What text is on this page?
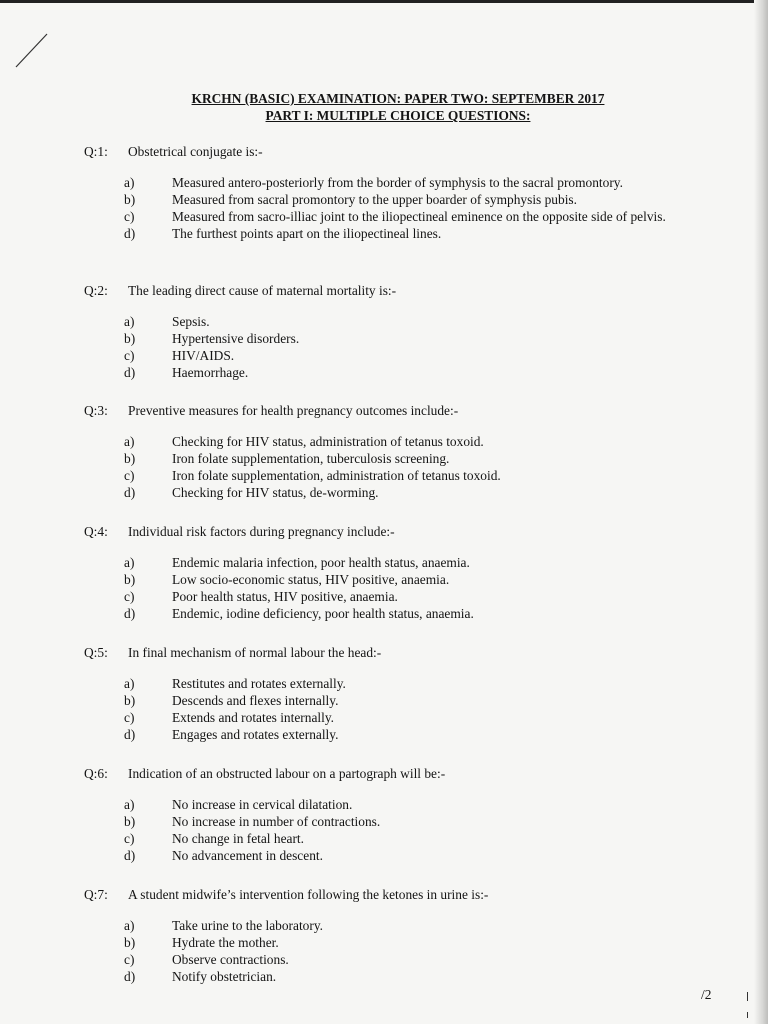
KRCHN (BASIC) EXAMINATION: PAPER TWO: SEPTEMBER 2017
PART I: MULTIPLE CHOICE QUESTIONS:
Q:1:	Obstetrical conjugate is:-
a)	Measured antero-posteriorly from the border of symphysis to the sacral promontory.
b)	Measured from sacral promontory to the upper boarder of symphysis pubis.
c)	Measured from sacro-illiac joint to the iliopectineal eminence on the opposite side of pelvis.
d)	The furthest points apart on the iliopectineal lines.
Q:2:	The leading direct cause of maternal mortality is:-
a)	Sepsis.
b)	Hypertensive disorders.
c)	HIV/AIDS.
d)	Haemorrhage.
Q:3:	Preventive measures for health pregnancy outcomes include:-
a)	Checking for HIV status, administration of tetanus toxoid.
b)	Iron folate supplementation, tuberculosis screening.
c)	Iron folate supplementation, administration of tetanus toxoid.
d)	Checking for HIV status, de-worming.
Q:4:	Individual risk factors during pregnancy include:-
a)	Endemic malaria infection, poor health status, anaemia.
b)	Low socio-economic status, HIV positive, anaemia.
c)	Poor health status, HIV positive, anaemia.
d)	Endemic, iodine deficiency, poor health status, anaemia.
Q:5:	In final mechanism of normal labour the head:-
a)	Restitutes and rotates externally.
b)	Descends and flexes internally.
c)	Extends and rotates internally.
d)	Engages and rotates externally.
Q:6:	Indication of an obstructed labour on a partograph will be:-
a)	No increase in cervical dilatation.
b)	No increase in number of contractions.
c)	No change in fetal heart.
d)	No advancement in descent.
Q:7:	A student midwife’s intervention following the ketones in urine is:-
a)	Take urine to the laboratory.
b)	Hydrate the mother.
c)	Observe contractions.
d)	Notify obstetrician.
/2
